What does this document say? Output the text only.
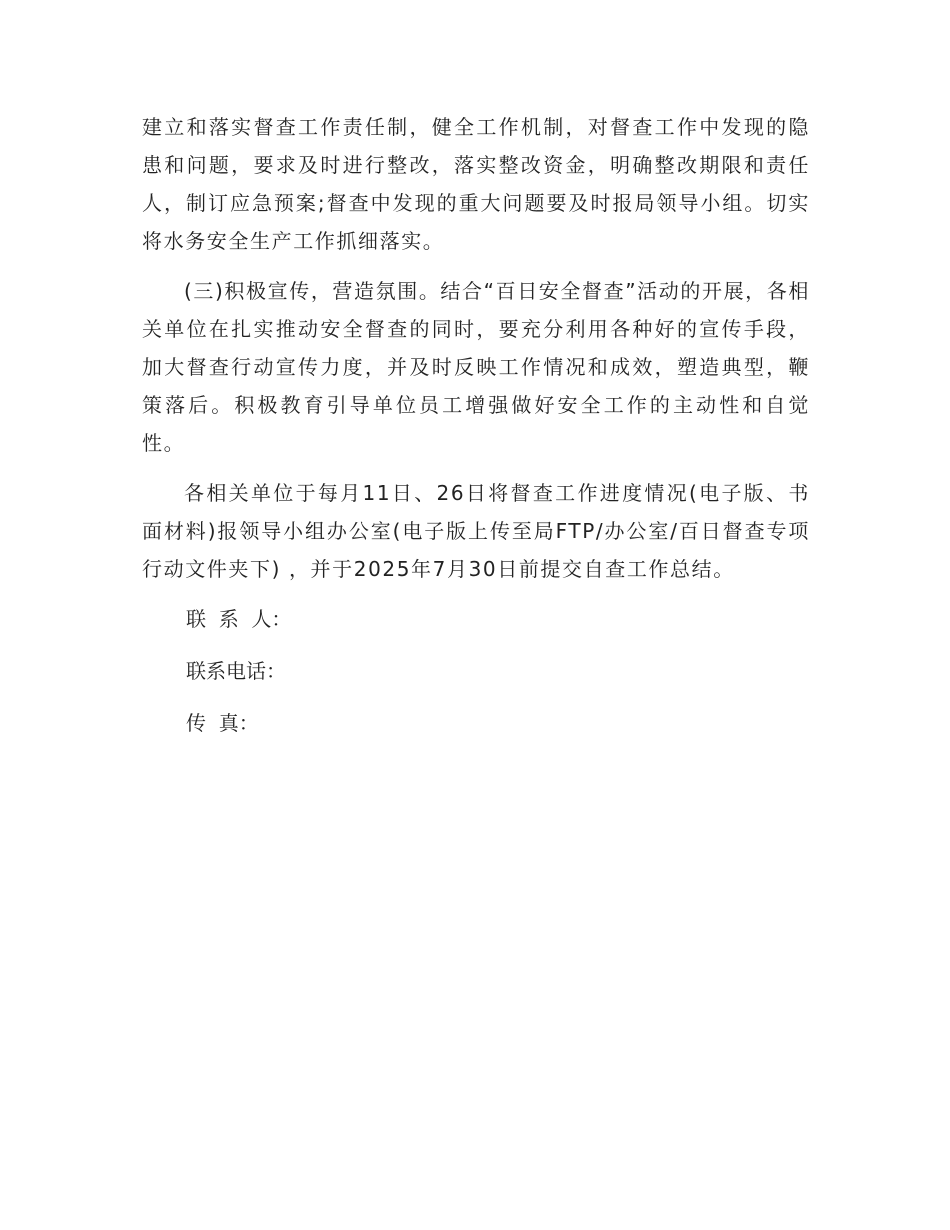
建立和落实督查工作责任制，健全工作机制，对督查工作中发现的隐患和问题，要求及时进行整改，落实整改资金，明确整改期限和责任人，制订应急预案;督查中发现的重大问题要及时报局领导小组。切实将水务安全生产工作抓细落实。

(三)积极宣传，营造氛围。结合“百日安全督查”活动的开展，各相关单位在扎实推动安全督查的同时，要充分利用各种好的宣传手段，加大督查行动宣传力度，并及时反映工作情况和成效，塑造典型，鞭策落后。积极教育引导单位员工增强做好安全工作的主动性和自觉性。

各相关单位于每月11日、26日将督查工作进度情况(电子版、书面材料)报领导小组办公室(电子版上传至局FTP/办公室/百日督查专项行动文件夹下) ，并于2025年7月30日前提交自查工作总结。

联  系  人：

联系电话：

传  真：
